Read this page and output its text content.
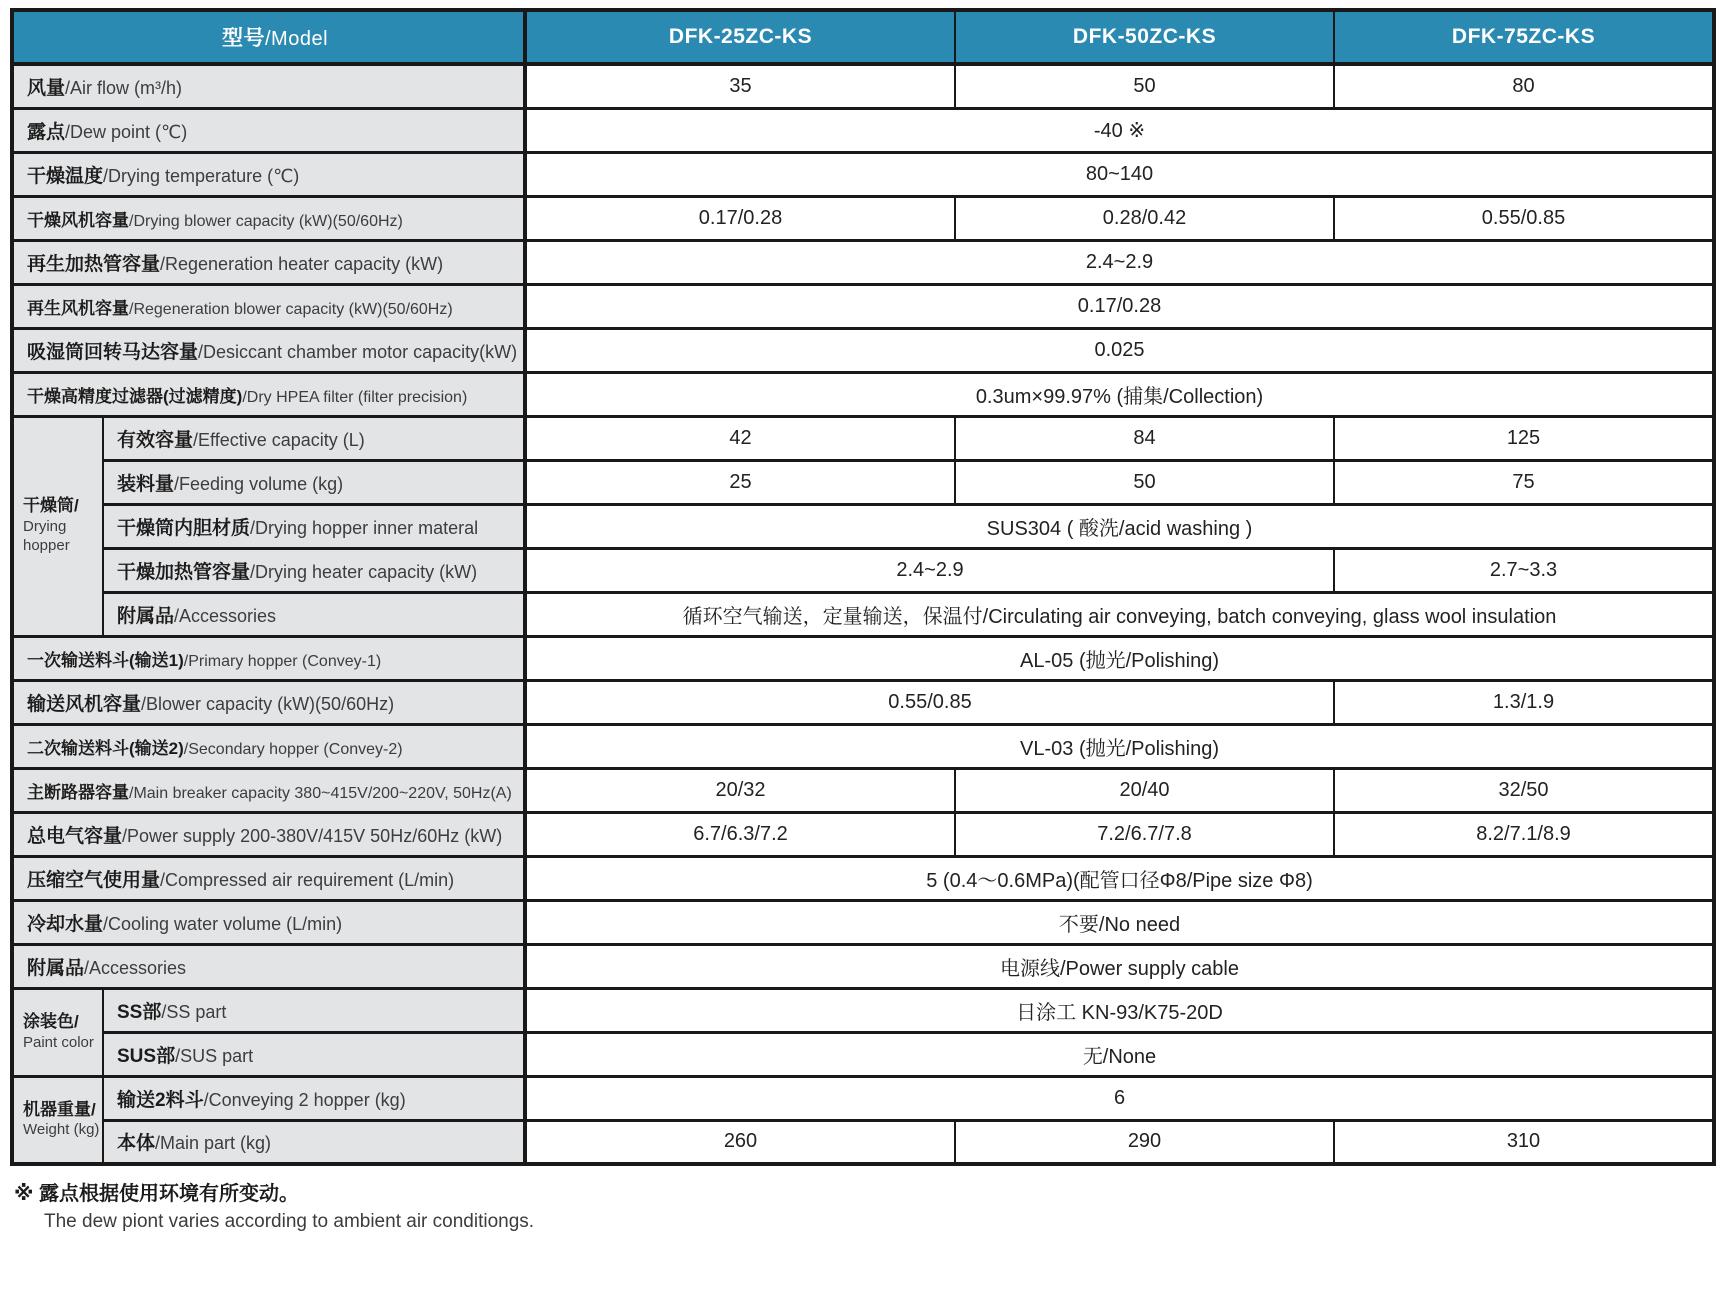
型号/Model		DFK-25ZC-KS	DFK-50ZC-KS	DFK-75ZC-KS
风量/Air flow (m³/h)		35	50	80
露点/Dew point (℃)		-40 ※		
干燥温度/Drying temperature (℃)		80~140		
干燥风机容量/Drying blower capacity (kW)(50/60Hz)		0.17/0.28	0.28/0.42	0.55/0.85
再生加热管容量/Regeneration heater capacity (kW)		2.4~2.9		
再生风机容量/Regeneration blower capacity (kW)(50/60Hz)		0.17/0.28		
吸湿筒回转马达容量/Desiccant chamber motor capacity(kW)		0.025		
干燥高精度过滤器(过滤精度)/Dry HPEA filter (filter precision)		0.3um×99.97% (捕集/Collection)		
干燥筒/
Drying hopper	有效容量/Effective capacity (L)	42	84	125
	装料量/Feeding volume (kg)	25	50	75
	干燥筒内胆材质/Drying hopper inner materal	SUS304 ( 酸洗/acid washing )		
	干燥加热管容量/Drying heater capacity (kW)	2.4~2.9		2.7~3.3
	附属品/Accessories	循环空气输送，定量输送，保温付/Circulating air conveying, batch conveying, glass wool insulation		
一次输送料斗(输送1)/Primary hopper (Convey-1)		AL-05 (抛光/Polishing)		
输送风机容量/Blower capacity (kW)(50/60Hz)		0.55/0.85		1.3/1.9
二次输送料斗(输送2)/Secondary hopper (Convey-2)		VL-03 (抛光/Polishing)		
主断路器容量/Main breaker capacity 380~415V/200~220V, 50Hz(A)		20/32	20/40	32/50
总电气容量/Power supply 200-380V/415V 50Hz/60Hz (kW)		6.7/6.3/7.2	7.2/6.7/7.8	8.2/7.1/8.9
压缩空气使用量/Compressed air requirement (L/min)		5 (0.4～0.6MPa)(配管口径Φ8/Pipe size Φ8)		
冷却水量/Cooling water volume (L/min)		不要/No need		
附属品/Accessories		电源线/Power supply cable		
涂装色/
Paint color	SS部/SS part	日涂工 KN-93/K75-20D		
	SUS部/SUS part	无/None		
机器重量/
Weight (kg)	输送2料斗/Conveying 2 hopper (kg)	6		
	本体/Main part (kg)	260	290	310
※ 露点根据使用环境有所变动。
The dew piont varies according to ambient air conditiongs.
